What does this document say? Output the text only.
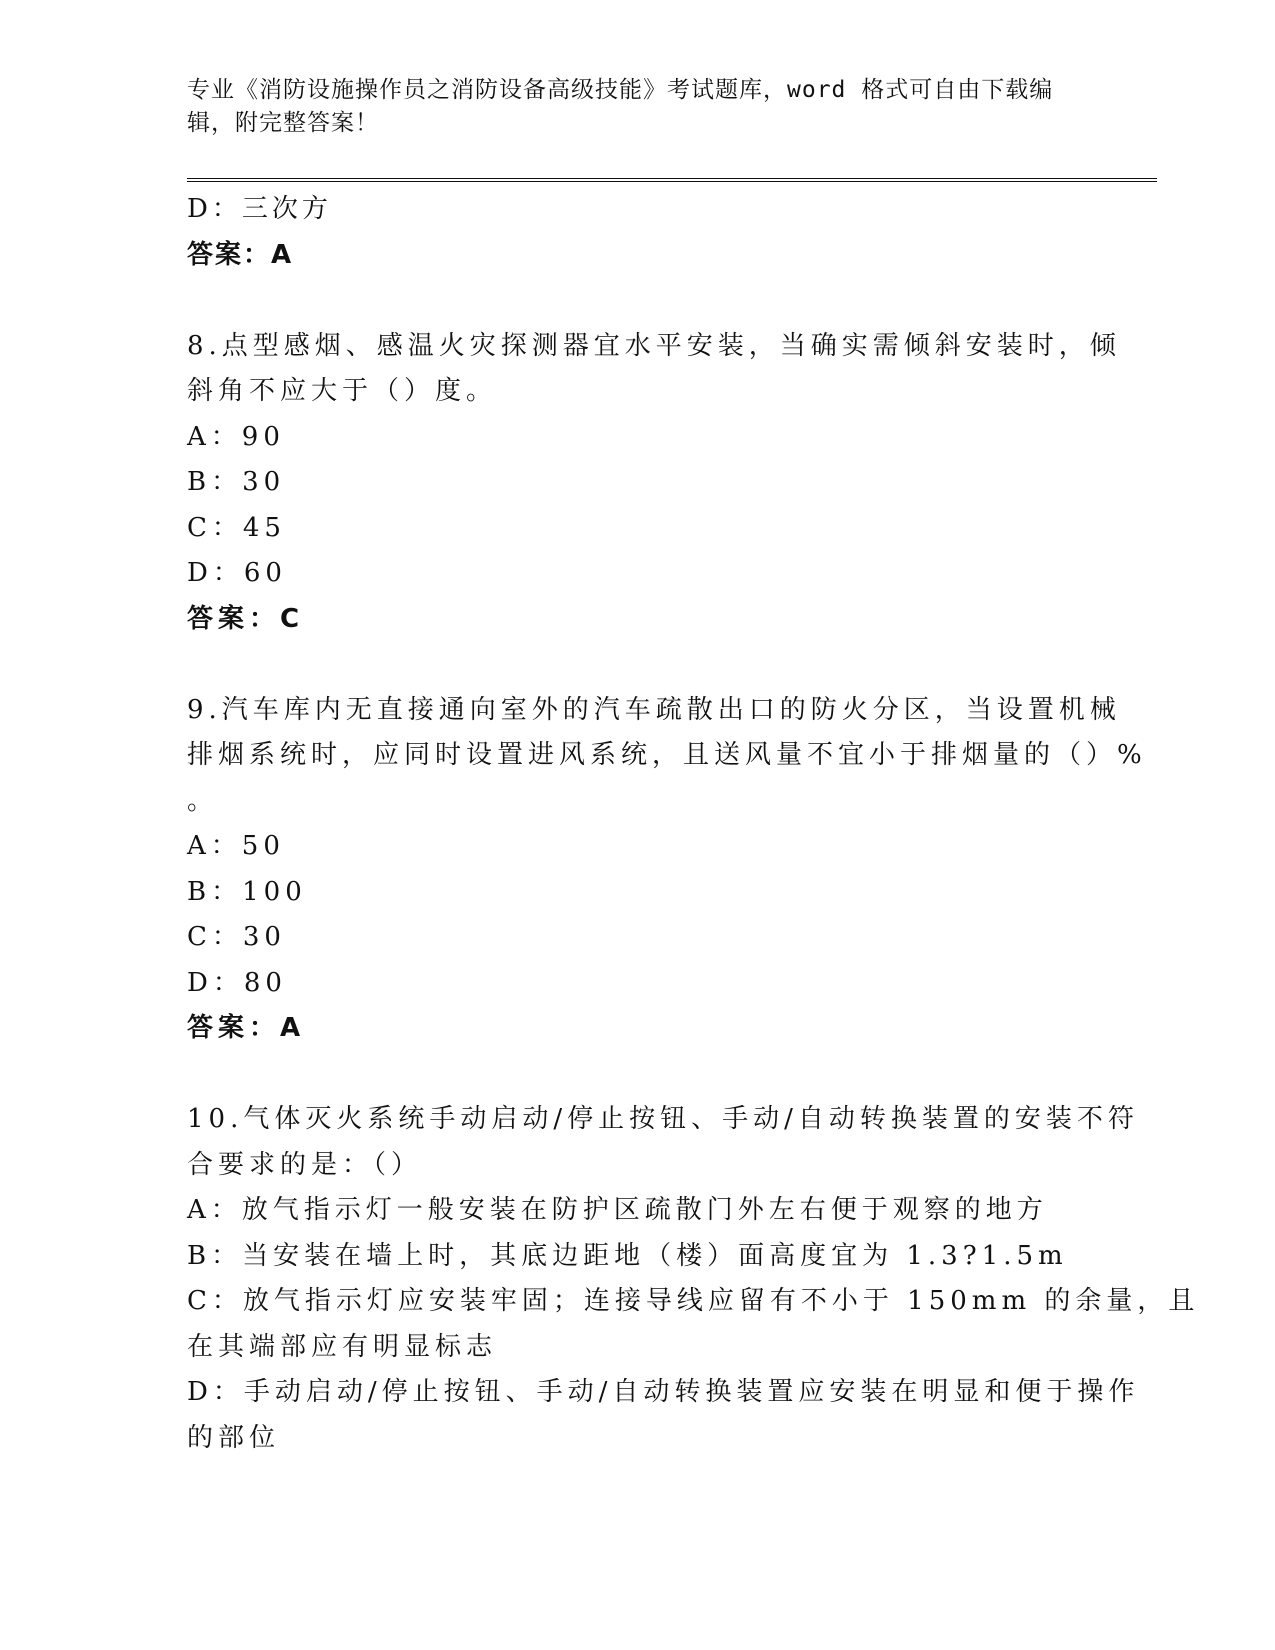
专业《消防设施操作员之消防设备高级技能》考试题库，word 格式可自由下载编
辑，附完整答案！
D：三次方
答案：A
8.点型感烟、感温火灾探测器宜水平安装，当确实需倾斜安装时，倾
斜角不应大于（）度。
A：90
B：30
C：45
D：60
答案：C
9.汽车库内无直接通向室外的汽车疏散出口的防火分区，当设置机械
排烟系统时，应同时设置进风系统，且送风量不宜小于排烟量的（）%
。
A：50
B：100
C：30
D：80
答案：A
10.气体灭火系统手动启动/停止按钮、手动/自动转换装置的安装不符
合要求的是：（）
A：放气指示灯一般安装在防护区疏散门外左右便于观察的地方
B：当安装在墙上时，其底边距地（楼）面高度宜为 1.3?1.5m
C：放气指示灯应安装牢固；连接导线应留有不小于 150mm 的余量，且
在其端部应有明显标志
D：手动启动/停止按钮、手动/自动转换装置应安装在明显和便于操作
的部位
